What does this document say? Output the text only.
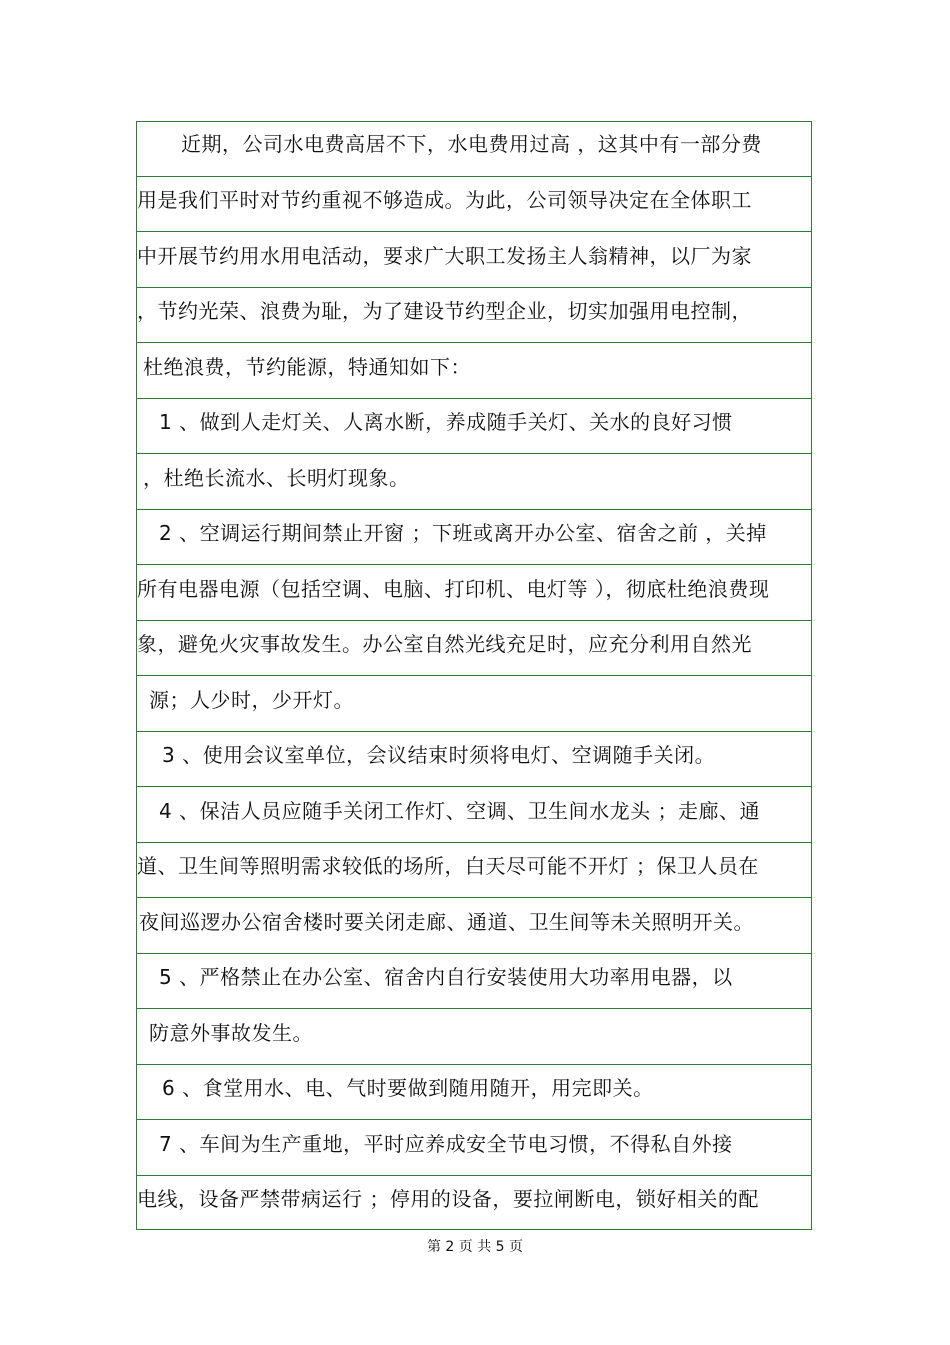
近期，公司水电费高居不下，水电费用过高 ，这其中有一部分费
用是我们平时对节约重视不够造成。为此，公司领导决定在全体职工
中开展节约用水用电活动，要求广大职工发扬主人翁精神，以厂为家
，节约光荣、浪费为耻，为了建设节约型企业，切实加强用电控制，
杜绝浪费，节约能源，特通知如下：
1 、做到人走灯关、人离水断，养成随手关灯、关水的良好习惯
，杜绝长流水、长明灯现象。
2 、空调运行期间禁止开窗 ；下班或离开办公室、宿舍之前 ，关掉
所有电器电源（包括空调、电脑、打印机、电灯等 ），彻底杜绝浪费现
象，避免火灾事故发生。办公室自然光线充足时，应充分利用自然光
源；人少时，少开灯。
3 、使用会议室单位，会议结束时须将电灯、空调随手关闭。
4 、保洁人员应随手关闭工作灯、空调、卫生间水龙头 ；走廊、通
道、卫生间等照明需求较低的场所，白天尽可能不开灯 ；保卫人员在
夜间巡逻办公宿舍楼时要关闭走廊、通道、卫生间等未关照明开关。
5 、严格禁止在办公室、宿舍内自行安装使用大功率用电器，以
防意外事故发生。
6 、食堂用水、电、气时要做到随用随开，用完即关。
7 、车间为生产重地，平时应养成安全节电习惯，不得私自外接
电线，设备严禁带病运行 ；停用的设备，要拉闸断电，锁好相关的配
第 2 页 共 5 页
